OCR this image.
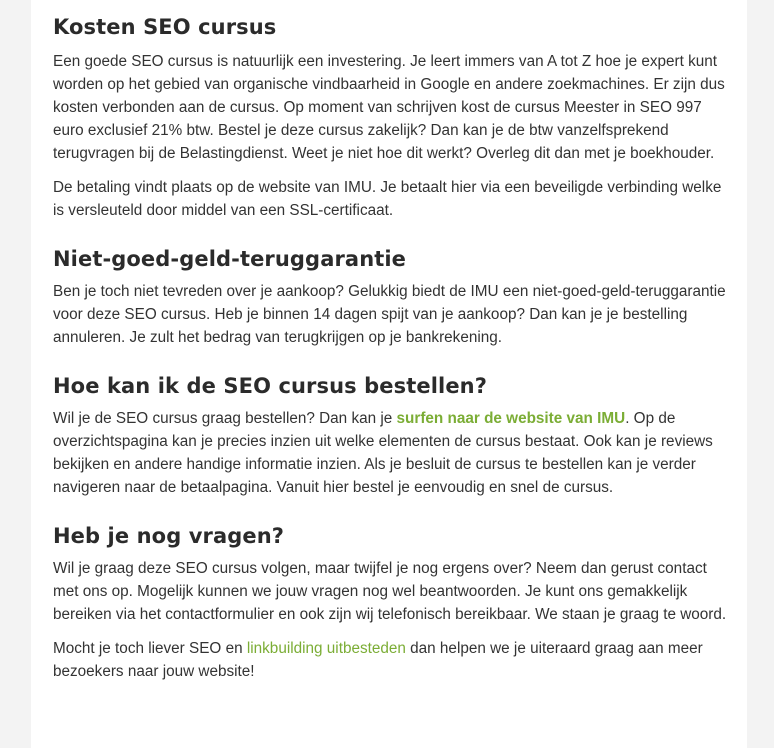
Kosten SEO cursus

Een goede SEO cursus is natuurlijk een investering. Je leert immers van A tot Z hoe je expert kunt worden op het gebied van organische vindbaarheid in Google en andere zoekmachines. Er zijn dus kosten verbonden aan de cursus. Op moment van schrijven kost de cursus Meester in SEO 997 euro exclusief 21% btw. Bestel je deze cursus zakelijk? Dan kan je de btw vanzelfsprekend terugvragen bij de Belastingdienst. Weet je niet hoe dit werkt? Overleg dit dan met je boekhouder.

De betaling vindt plaats op de website van IMU. Je betaalt hier via een beveiligde verbinding welke is versleuteld door middel van een SSL-certificaat.

Niet-goed-geld-teruggarantie

Ben je toch niet tevreden over je aankoop? Gelukkig biedt de IMU een niet-goed-geld-teruggarantie voor deze SEO cursus. Heb je binnen 14 dagen spijt van je aankoop? Dan kan je je bestelling annuleren. Je zult het bedrag van terugkrijgen op je bankrekening.

Hoe kan ik de SEO cursus bestellen?

Wil je de SEO cursus graag bestellen? Dan kan je surfen naar de website van IMU. Op de overzichtspagina kan je precies inzien uit welke elementen de cursus bestaat. Ook kan je reviews bekijken en andere handige informatie inzien. Als je besluit de cursus te bestellen kan je verder navigeren naar de betaalpagina. Vanuit hier bestel je eenvoudig en snel de cursus.

Heb je nog vragen?

Wil je graag deze SEO cursus volgen, maar twijfel je nog ergens over? Neem dan gerust contact met ons op. Mogelijk kunnen we jouw vragen nog wel beantwoorden. Je kunt ons gemakkelijk bereiken via het contactformulier en ook zijn wij telefonisch bereikbaar. We staan je graag te woord.

Mocht je toch liever SEO en linkbuilding uitbesteden dan helpen we je uiteraard graag aan meer bezoekers naar jouw website!
